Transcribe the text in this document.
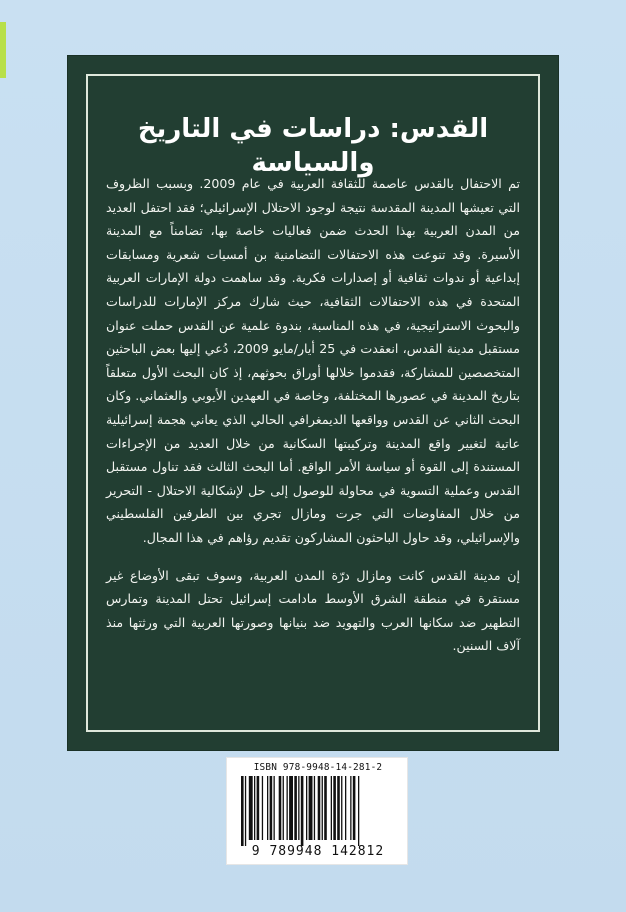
القدس: دراسات في التاريخ والسياسة

تم الاحتفال بالقدس عاصمة للثقافة العربية في عام 2009. وبسبب الظروف التي تعيشها المدينة المقدسة نتيجة لوجود الاحتلال الإسرائيلي؛ فقد احتفل العديد من المدن العربية بهذا الحدث ضمن فعاليات خاصة بها، تضامناً مع المدينة الأسيرة. وقد تنوعت هذه الاحتفالات التضامنية بن أمسيات شعرية ومسابقات إبداعية أو ندوات ثقافية أو إصدارات فكرية. وقد ساهمت دولة الإمارات العربية المتحدة في هذه الاحتفالات الثقافية، حيث شارك مركز الإمارات للدراسات والبحوث الاستراتيجية، في هذه المناسبة، بندوة علمية عن القدس حملت عنوان مستقبل مدينة القدس، انعقدت في 25 أيار/مايو 2009، دُعي إليها بعض الباحثين المتخصصين للمشاركة، فقدموا خلالها أوراق بحوثهم، إذ كان البحث الأول متعلقاً بتاريخ المدينة في عصورها المختلفة، وخاصة في العهدين الأيوبي والعثماني. وكان البحث الثاني عن القدس وواقعها الديمغرافي الحالي الذي يعاني هجمة إسرائيلية عاتية لتغيير واقع المدينة وتركيبتها السكانية من خلال العديد من الإجراءات المستندة إلى القوة أو سياسة الأمر الواقع. أما البحث الثالث فقد تناول مستقبل القدس وعملية التسوية في محاولة للوصول إلى حل لإشكالية الاحتلال - التحرير من خلال المفاوضات التي جرت ومازال تجري بين الطرفين الفلسطيني والإسرائيلي، وقد حاول الباحثون المشاركون تقديم رؤاهم في هذا المجال.

إن مدينة القدس كانت ومازال درّة المدن العربية، وسوف تبقى الأوضاع غير مستقرة في منطقة الشرق الأوسط مادامت إسرائيل تحتل المدينة وتمارس التطهير ضد سكانها العرب والتهويد ضد بنيانها وصورتها العربية التي ورثتها منذ آلاف السنين.

ISBN 978-9948-14-281-2
9 789948 142812
